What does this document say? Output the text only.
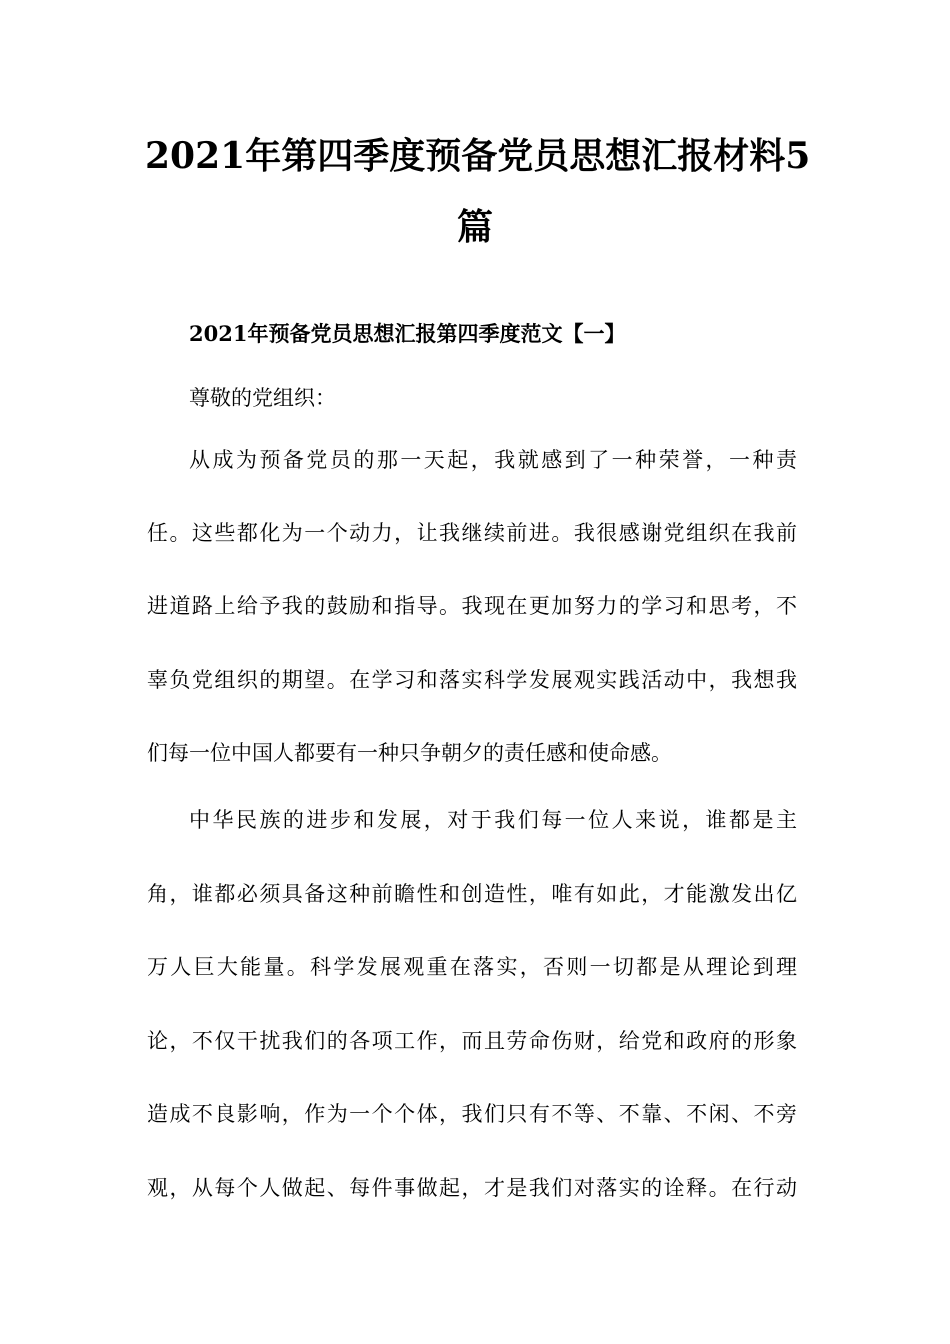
2021年第四季度预备党员思想汇报材料5
篇

2021年预备党员思想汇报第四季度范文【一】

尊敬的党组织：

从成为预备党员的那一天起，我就感到了一种荣誉，一种责

任。这些都化为一个动力，让我继续前进。我很感谢党组织在我前

进道路上给予我的鼓励和指导。我现在更加努力的学习和思考，不

辜负党组织的期望。在学习和落实科学发展观实践活动中，我想我

们每一位中国人都要有一种只争朝夕的责任感和使命感。

中华民族的进步和发展，对于我们每一位人来说，谁都是主

角，谁都必须具备这种前瞻性和创造性，唯有如此，才能激发出亿

万人巨大能量。科学发展观重在落实，否则一切都是从理论到理

论，不仅干扰我们的各项工作，而且劳命伤财，给党和政府的形象

造成不良影响，作为一个个体，我们只有不等、不靠、不闲、不旁

观，从每个人做起、每件事做起，才是我们对落实的诠释。在行动
